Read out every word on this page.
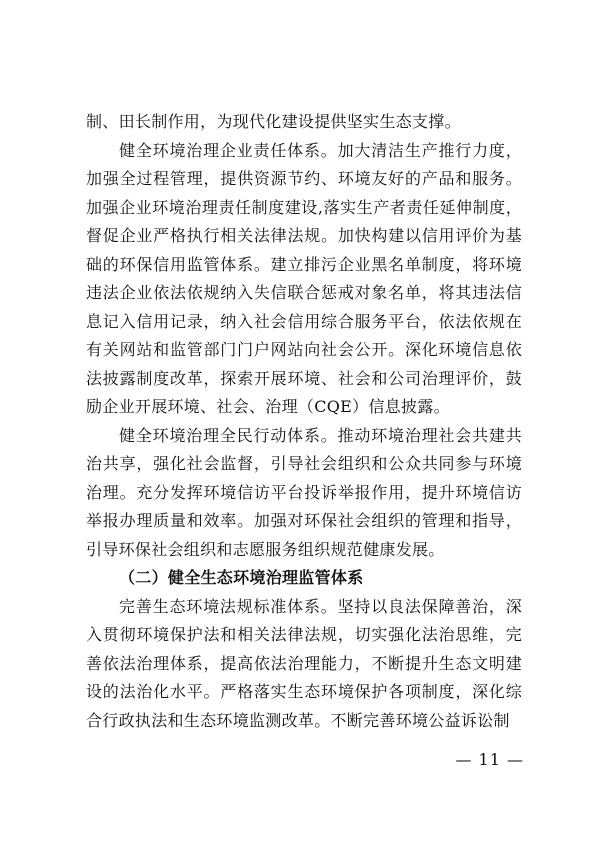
制、田长制作用，为现代化建设提供坚实生态支撑。

健全环境治理企业责任体系。加大清洁生产推行力度，加强全过程管理，提供资源节约、环境友好的产品和服务。加强企业环境治理责任制度建设,落实生产者责任延伸制度，督促企业严格执行相关法律法规。加快构建以信用评价为基础的环保信用监管体系。建立排污企业黑名单制度，将环境违法企业依法依规纳入失信联合惩戒对象名单，将其违法信息记入信用记录，纳入社会信用综合服务平台，依法依规在有关网站和监管部门门户网站向社会公开。深化环境信息依法披露制度改革，探索开展环境、社会和公司治理评价，鼓励企业开展环境、社会、治理（CQE）信息披露。

健全环境治理全民行动体系。推动环境治理社会共建共治共享，强化社会监督，引导社会组织和公众共同参与环境治理。充分发挥环境信访平台投诉举报作用，提升环境信访举报办理质量和效率。加强对环保社会组织的管理和指导，引导环保社会组织和志愿服务组织规范健康发展。

（二）健全生态环境治理监管体系

完善生态环境法规标准体系。坚持以良法保障善治，深入贯彻环境保护法和相关法律法规，切实强化法治思维，完善依法治理体系，提高依法治理能力，不断提升生态文明建设的法治化水平。严格落实生态环境保护各项制度，深化综合行政执法和生态环境监测改革。不断完善环境公益诉讼制

— 11 —
